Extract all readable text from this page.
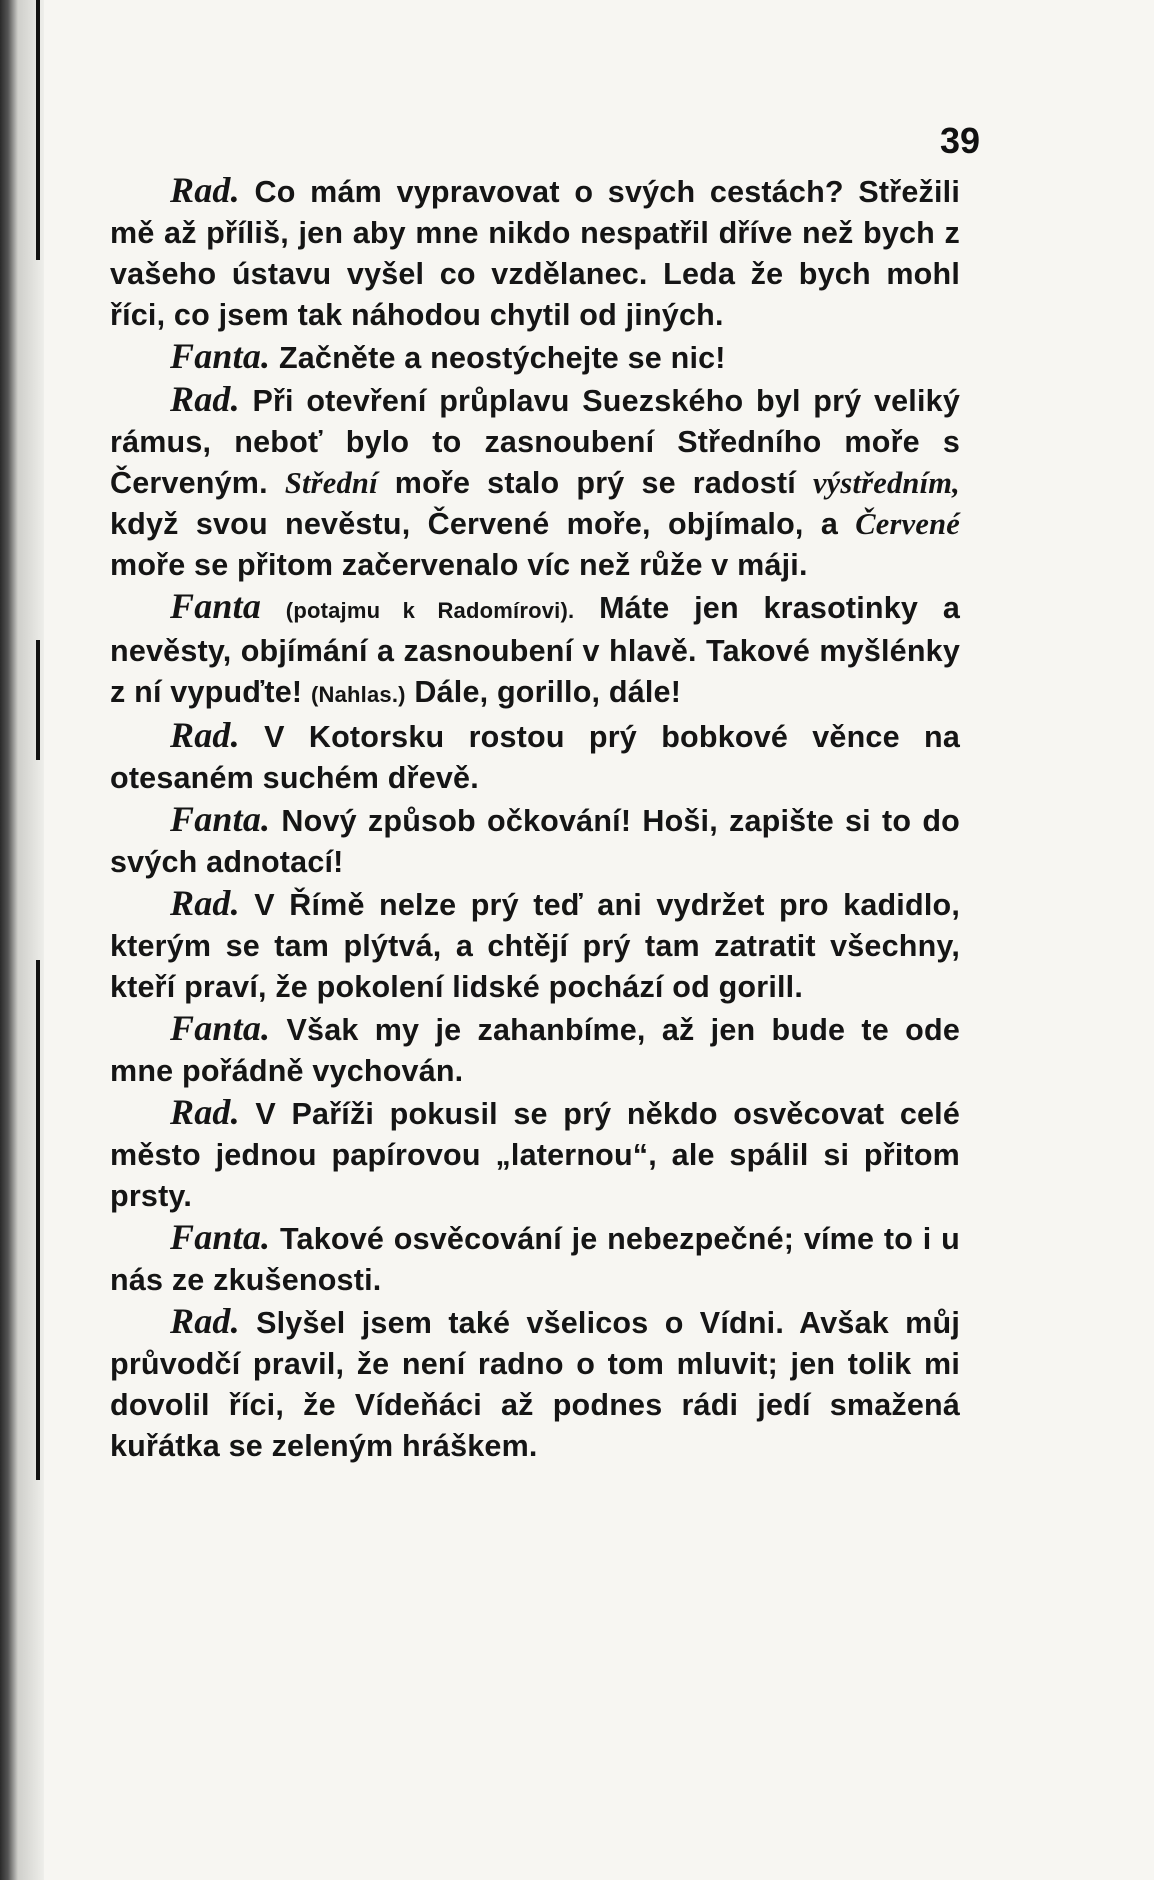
39

Rad. Co mám vypravovat o svých cestách? Střežili mě až příliš, jen aby mne nikdo nespatřil dříve než bych z vašeho ústavu vyšel co vzdělanec. Leda že bych mohl říci, co jsem tak náhodou chytil od jiných.

Fanta. Začněte a neostýchejte se nic!

Rad. Při otevření průplavu Suezského byl prý veliký rámus, neboť bylo to zasnoubení Středního moře s Červeným. Střední moře stalo prý se radostí výstředním, když svou nevěstu, Červené moře, objímalo, a Červené moře se přitom začervenalo víc než růže v máji.

Fanta (potajmu k Radomírovi). Máte jen krasotinky a nevěsty, objímání a zasnoubení v hlavě. Takové myšlénky z ní vypuďte! (Nahlas.) Dále, gorillo, dále!

Rad. V Kotorsku rostou prý bobkové věnce na otesaném suchém dřevě.

Fanta. Nový způsob očkování! Hoši, zapište si to do svých adnotací!

Rad. V Římě nelze prý teď ani vydržet pro kadidlo, kterým se tam plýtvá, a chtějí prý tam zatratit všechny, kteří praví, že pokolení lidské pochází od gorill.

Fanta. Však my je zahanbíme, až jen bude te ode mne pořádně vychován.

Rad. V Paříži pokusil se prý někdo osvěcovat celé město jednou papírovou „laternou“, ale spálil si přitom prsty.

Fanta. Takové osvěcování je nebezpečné; víme to i u nás ze zkušenosti.

Rad. Slyšel jsem také všelicos o Vídni. Avšak můj průvodčí pravil, že není radno o tom mluvit; jen tolik mi dovolil říci, že Vídeňáci až podnes rádi jedí smažená kuřátka se zeleným hráškem.
